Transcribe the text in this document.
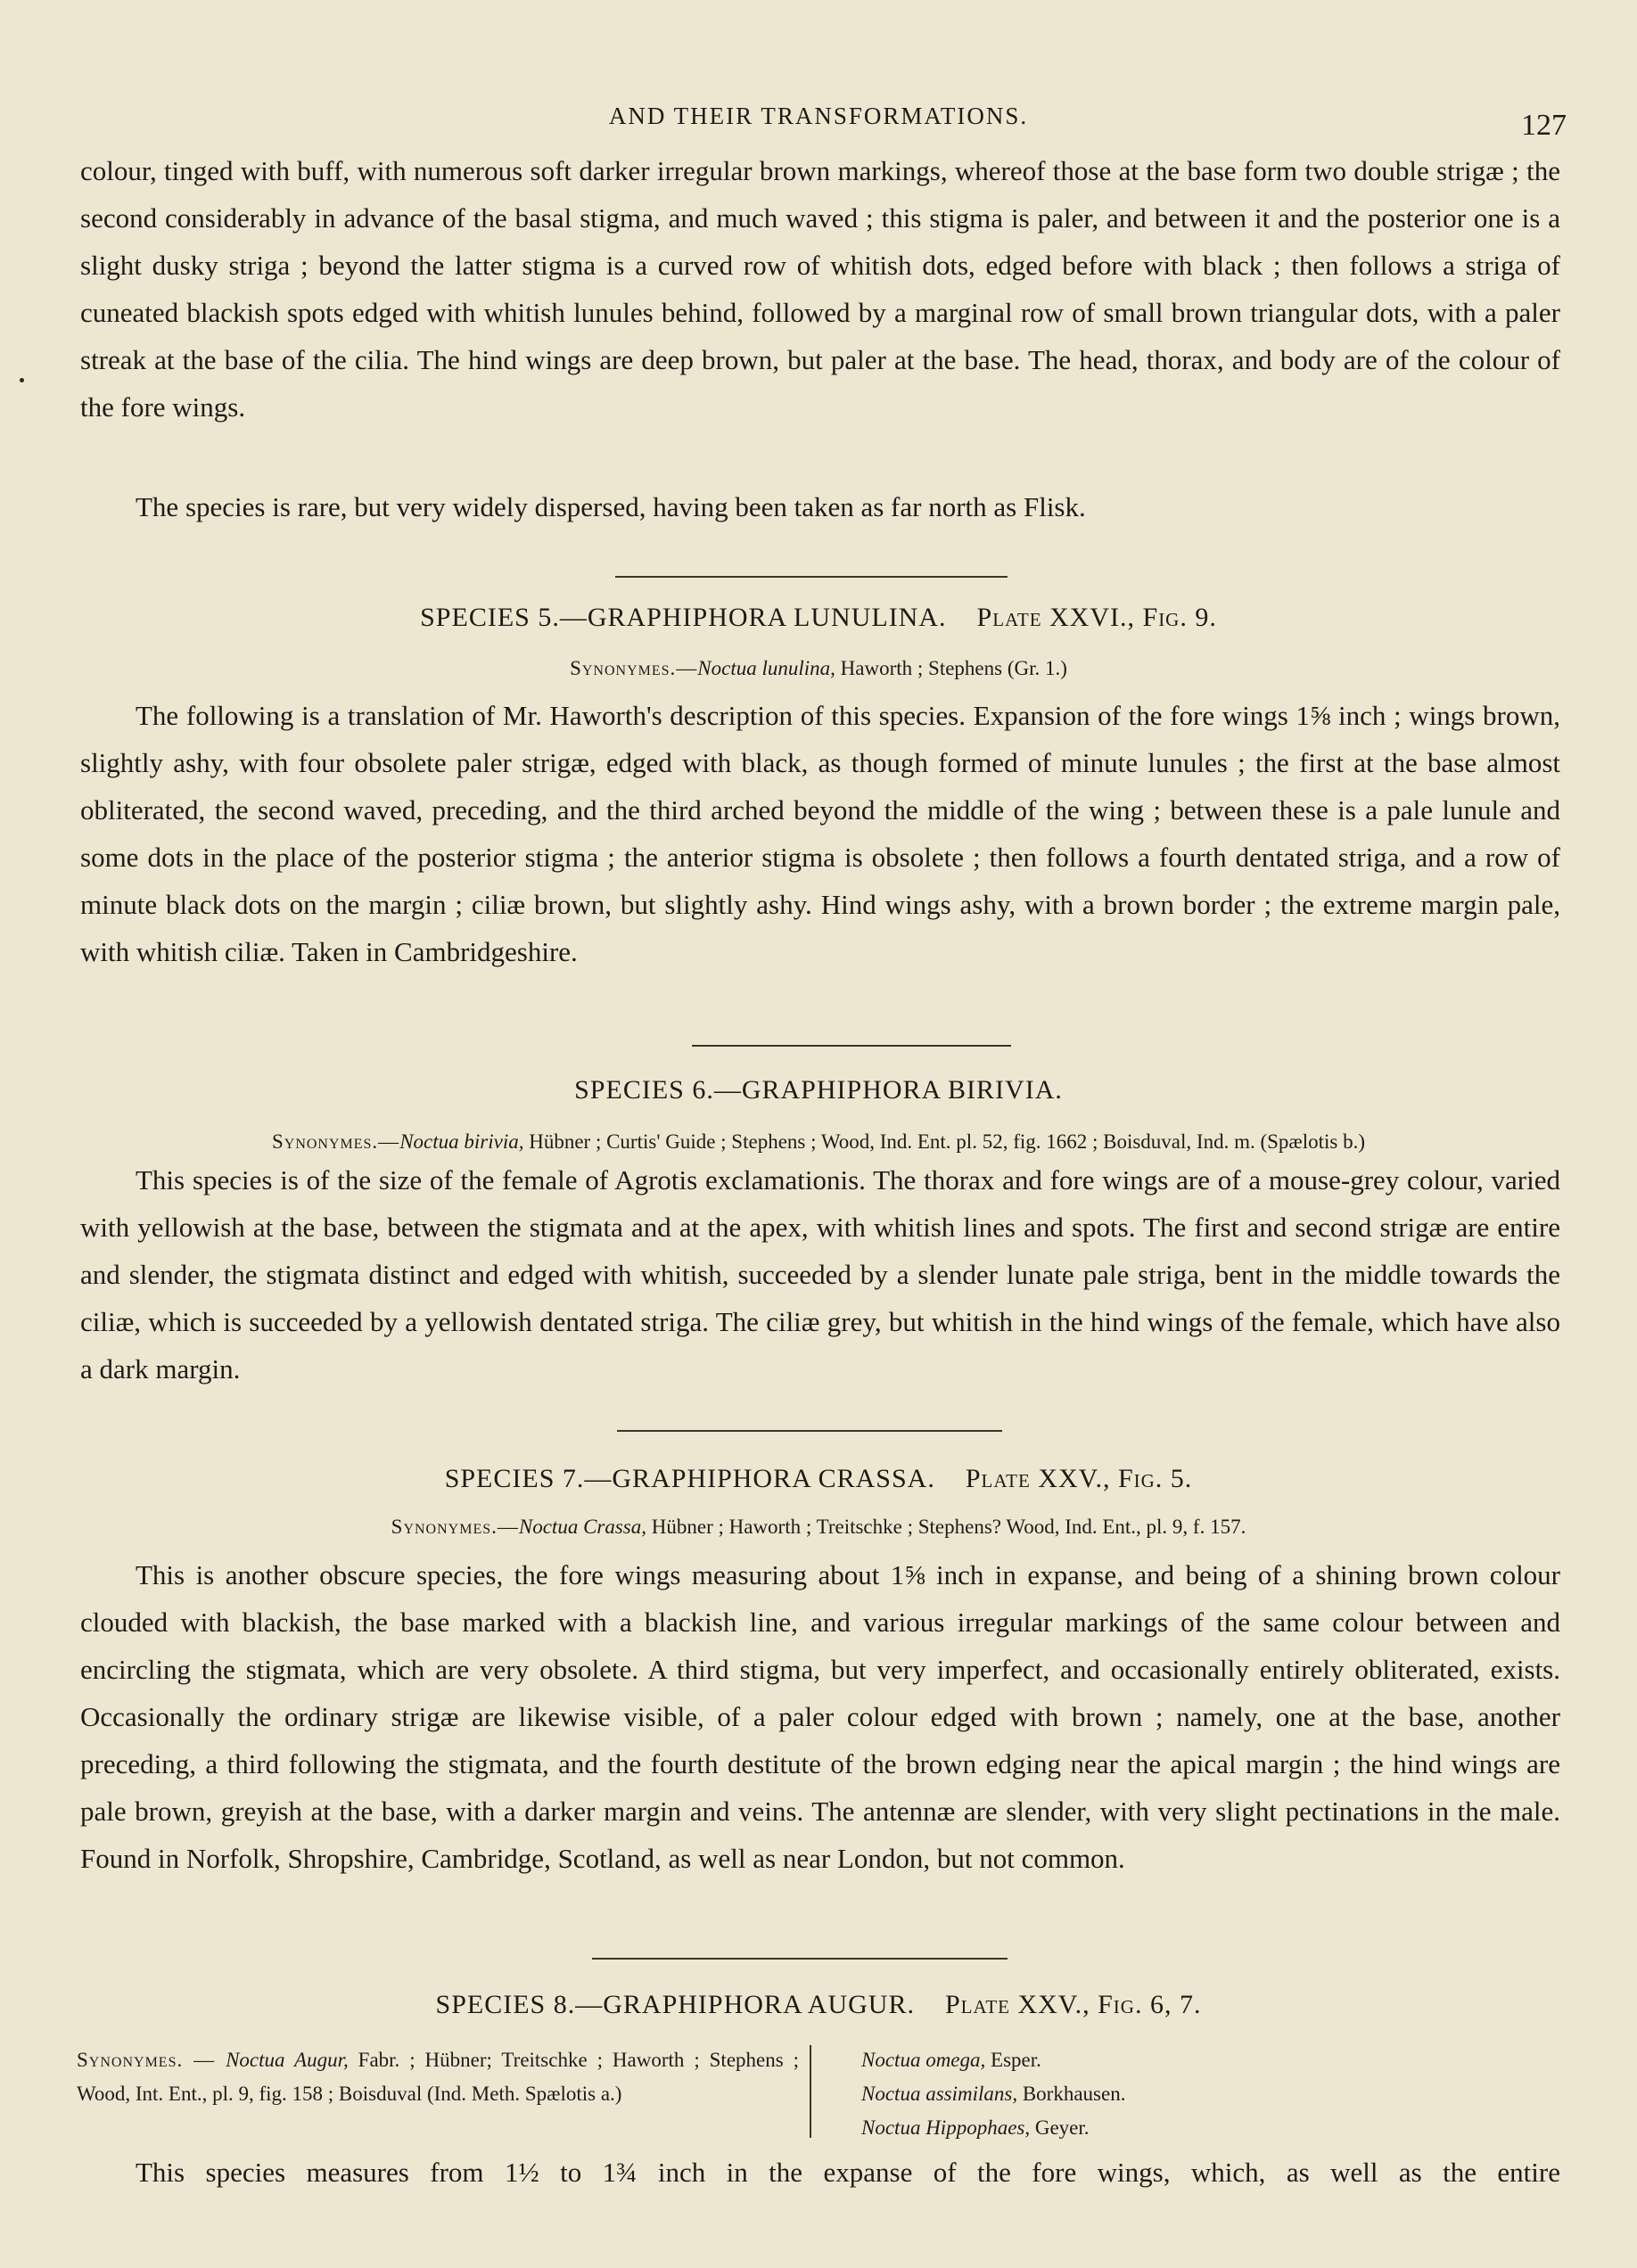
AND THEIR TRANSFORMATIONS.	127

colour, tinged with buff, with numerous soft darker irregular brown markings, whereof those at the base form two double strigæ ; the second considerably in advance of the basal stigma, and much waved ; this stigma is paler, and between it and the posterior one is a slight dusky striga ; beyond the latter stigma is a curved row of whitish dots, edged before with black ; then follows a striga of cuneated blackish spots edged with whitish lunules behind, followed by a marginal row of small brown triangular dots, with a paler streak at the base of the cilia. The hind wings are deep brown, but paler at the base. The head, thorax, and body are of the colour of the fore wings.

The species is rare, but very widely dispersed, having been taken as far north as Flisk.

SPECIES 5.—GRAPHIPHORA LUNULINA. Plate XXVI., Fig. 9.
Synonymes.—Noctua lunulina, Haworth ; Stephens (Gr. 1.)

The following is a translation of Mr. Haworth's description of this species. Expansion of the fore wings 1⅝ inch ; wings brown, slightly ashy, with four obsolete paler strigæ, edged with black, as though formed of minute lunules ; the first at the base almost obliterated, the second waved, preceding, and the third arched beyond the middle of the wing ; between these is a pale lunule and some dots in the place of the posterior stigma ; the anterior stigma is obsolete ; then follows a fourth dentated striga, and a row of minute black dots on the margin ; ciliæ brown, but slightly ashy. Hind wings ashy, with a brown border ; the extreme margin pale, with whitish ciliæ. Taken in Cambridgeshire.

SPECIES 6.—GRAPHIPHORA BIRIVIA.
Synonymes.—Noctua birivia, Hübner ; Curtis' Guide ; Stephens ; Wood, Ind. Ent. pl. 52, fig. 1662 ; Boisduval, Ind. m. (Spælotis b.)

This species is of the size of the female of Agrotis exclamationis. The thorax and fore wings are of a mouse-grey colour, varied with yellowish at the base, between the stigmata and at the apex, with whitish lines and spots. The first and second strigæ are entire and slender, the stigmata distinct and edged with whitish, succeeded by a slender lunate pale striga, bent in the middle towards the ciliæ, which is succeeded by a yellowish dentated striga. The ciliæ grey, but whitish in the hind wings of the female, which have also a dark margin.

SPECIES 7.—GRAPHIPHORA CRASSA. Plate XXV., Fig. 5.
Synonymes.—Noctua Crassa, Hübner ; Haworth ; Treitschke ; Stephens? Wood, Ind. Ent., pl. 9, f. 157.

This is another obscure species, the fore wings measuring about 1⅝ inch in expanse, and being of a shining brown colour clouded with blackish, the base marked with a blackish line, and various irregular markings of the same colour between and encircling the stigmata, which are very obsolete. A third stigma, but very imperfect, and occasionally entirely obliterated, exists. Occasionally the ordinary strigæ are likewise visible, of a paler colour edged with brown ; namely, one at the base, another preceding, a third following the stigmata, and the fourth destitute of the brown edging near the apical margin ; the hind wings are pale brown, greyish at the base, with a darker margin and veins. The antennæ are slender, with very slight pectinations in the male. Found in Norfolk, Shropshire, Cambridge, Scotland, as well as near London, but not common.

SPECIES 8.—GRAPHIPHORA AUGUR. Plate XXV., Fig. 6, 7.
Synonymes. — Noctua Augur, Fabr. ; Hübner; Treitschke ; Haworth ; Stephens ; Wood, Int. Ent., pl. 9, fig. 158 ; Boisduval (Ind. Meth. Spælotis a.)
Noctua omega, Esper.
Noctua assimilans, Borkhausen.
Noctua Hippophaes, Geyer.

This species measures from 1½ to 1¾ inch in the expanse of the fore wings, which, as well as the entire
